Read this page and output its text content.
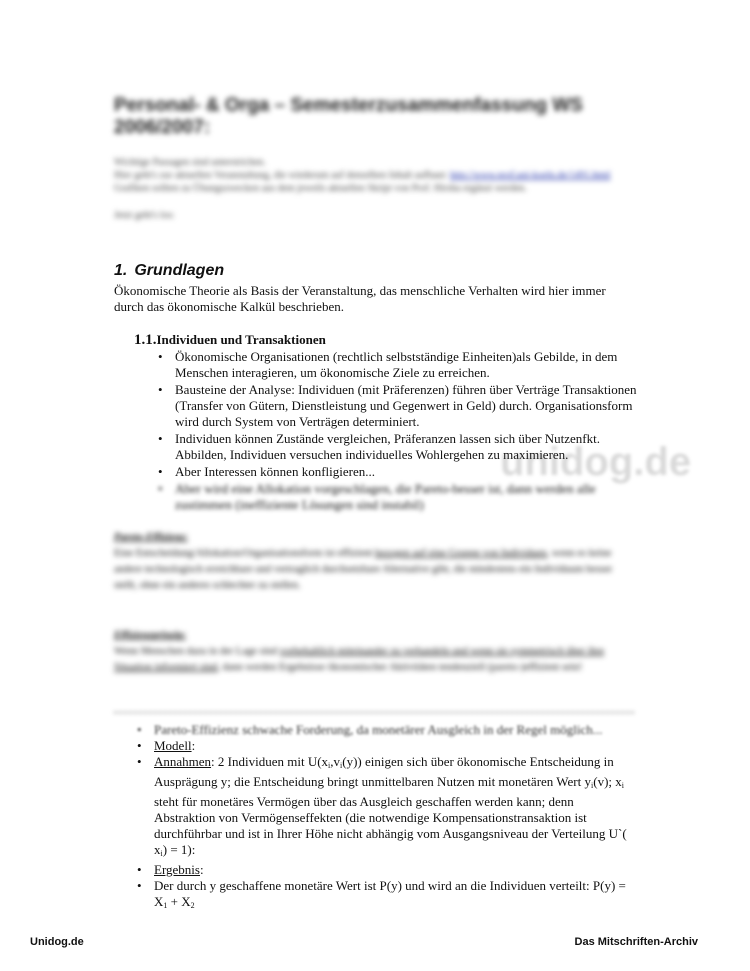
Personal- & Orga – Semesterzusammenfassung WS 2006/2007:

Wichtige Passagen sind unterstrichen.

Hier geht's zur aktuellen Veranstaltung, die wiederum auf denselben Inhalt aufbaut: http://www.prof.uni-koeln.de/1491.html

Grafiken sollten zu Übungszwecken aus dem jeweils aktuellen Skript von Prof. Hirsha ergänzt werden.

Jetzt geht's los:

1. Grundlagen

Ökonomische Theorie als Basis der Veranstaltung, das menschliche Verhalten wird hier immer durch das ökonomische Kalkül beschrieben.

1.1.Individuen und Transaktionen
• Ökonomische Organisationen (rechtlich selbstständige Einheiten)als Gebilde, in dem Menschen interagieren, um ökonomische Ziele zu erreichen.
• Bausteine der Analyse: Individuen (mit Präferenzen) führen über Verträge Transaktionen (Transfer von Gütern, Dienstleistung und Gegenwert in Geld) durch. Organisationsform wird durch System von Verträgen determiniert.
• Individuen können Zustände vergleichen, Präferanzen lassen sich über Nutzenfkt. Abbilden, Individuen versuchen individuelles Wohlergehen zu maximieren.
• Aber Interessen können konfligieren...
• Aber wird eine Allokation vorgeschlagen, die Pareto-besser ist, dann werden alle zustimmen (ineffiziente Lösungen sind instabil)
unidog.de

Pareto-Effizienz:

Eine Entscheidung/Allokation/Organisationsform ist effizient bezogen auf eine Gruppe von Individuen, wenn es keine andere technologisch erreichbare und vertraglich durchsetzbare Alternative gibt, die mindestens ein Individuum besser stellt, ohne ein anderes schlechter zu stellen.

Effizienzprinzip:

Wenn Menschen dazu in der Lage sind vorbehaltlich miteinander zu verhandeln und wenn sie symmetrisch über ihre Situation informiert sind, dann werden Ergebnisse ökonomischer Aktivitäten tendenziell (pareto-)effizient sein!

• Pareto-Effizienz schwache Forderung, da monetärer Ausgleich in der Regel möglich...
• Modell:
• Annahmen: 2 Individuen mit $U(x_i,v_i(y))$ einigen sich über ökonomische Entscheidung in Ausprägung y; die Entscheidung bringt unmittelbaren Nutzen mit monetären Wert $y_i(v)$; $x_i$ steht für monetäres Vermögen über das Ausgleich geschaffen werden kann; denn Abstraktion von Vermögenseffekten (die notwendige Kompensationstransaktion ist durchführbar und ist in Ihrer Höhe nicht abhängig vom Ausgangsniveau der Verteilung U`( $x_i) = 1$):
• Ergebnis:
• Der durch y geschaffene monetäre Wert ist P(y) und wird an die Individuen verteilt: $P(y) = X_1 + X_2$
Unidog.de	Das Mitschriften-Archiv
